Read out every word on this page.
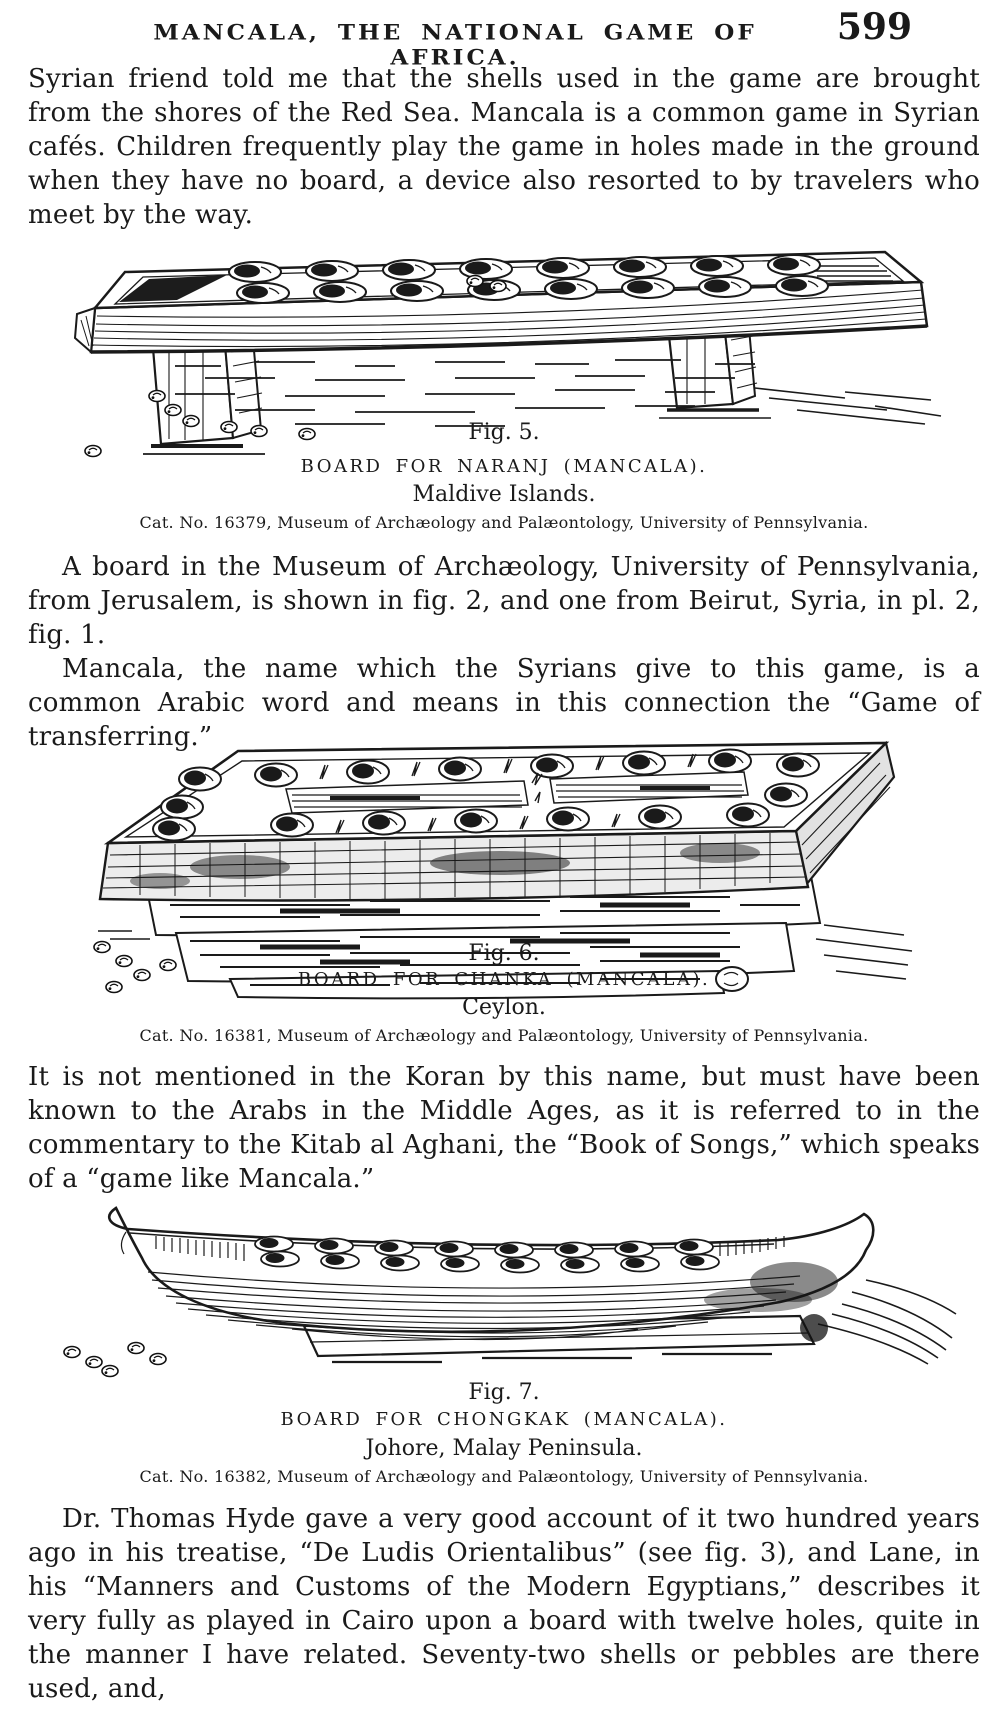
MANCALA, THE NATIONAL GAME OF AFRICA.
599
Syrian friend told me that the shells used in the game are brought from the shores of the Red Sea. Mancala is a common game in Syrian cafés. Children frequently play the game in holes made in the ground when they have no board, a device also resorted to by travelers who meet by the way.
Fig. 5.
BOARD FOR NARANJ (MANCALA).
Maldive Islands.
Cat. No. 16379, Museum of Archæology and Palæontology, University of Pennsylvania.
A board in the Museum of Archæology, University of Pennsylvania, from Jerusalem, is shown in fig. 2, and one from Beirut, Syria, in pl. 2, fig. 1.
Mancala, the name which the Syrians give to this game, is a common Arabic word and means in this connection the “Game of transferring.”
Fig. 6.
BOARD FOR CHANKA (MANCALA).
Ceylon.
Cat. No. 16381, Museum of Archæology and Palæontology, University of Pennsylvania.
It is not mentioned in the Koran by this name, but must have been known to the Arabs in the Middle Ages, as it is referred to in the commentary to the Kitab al Aghani, the “Book of Songs,” which speaks of a “game like Mancala.”
Fig. 7.
BOARD FOR CHONGKAK (MANCALA).
Johore, Malay Peninsula.
Cat. No. 16382, Museum of Archæology and Palæontology, University of Pennsylvania.
Dr. Thomas Hyde gave a very good account of it two hundred years ago in his treatise, “De Ludis Orientalibus” (see fig. 3), and Lane, in his “Manners and Customs of the Modern Egyptians,” describes it very fully as played in Cairo upon a board with twelve holes, quite in the manner I have related. Seventy-two shells or pebbles are there used, and,
